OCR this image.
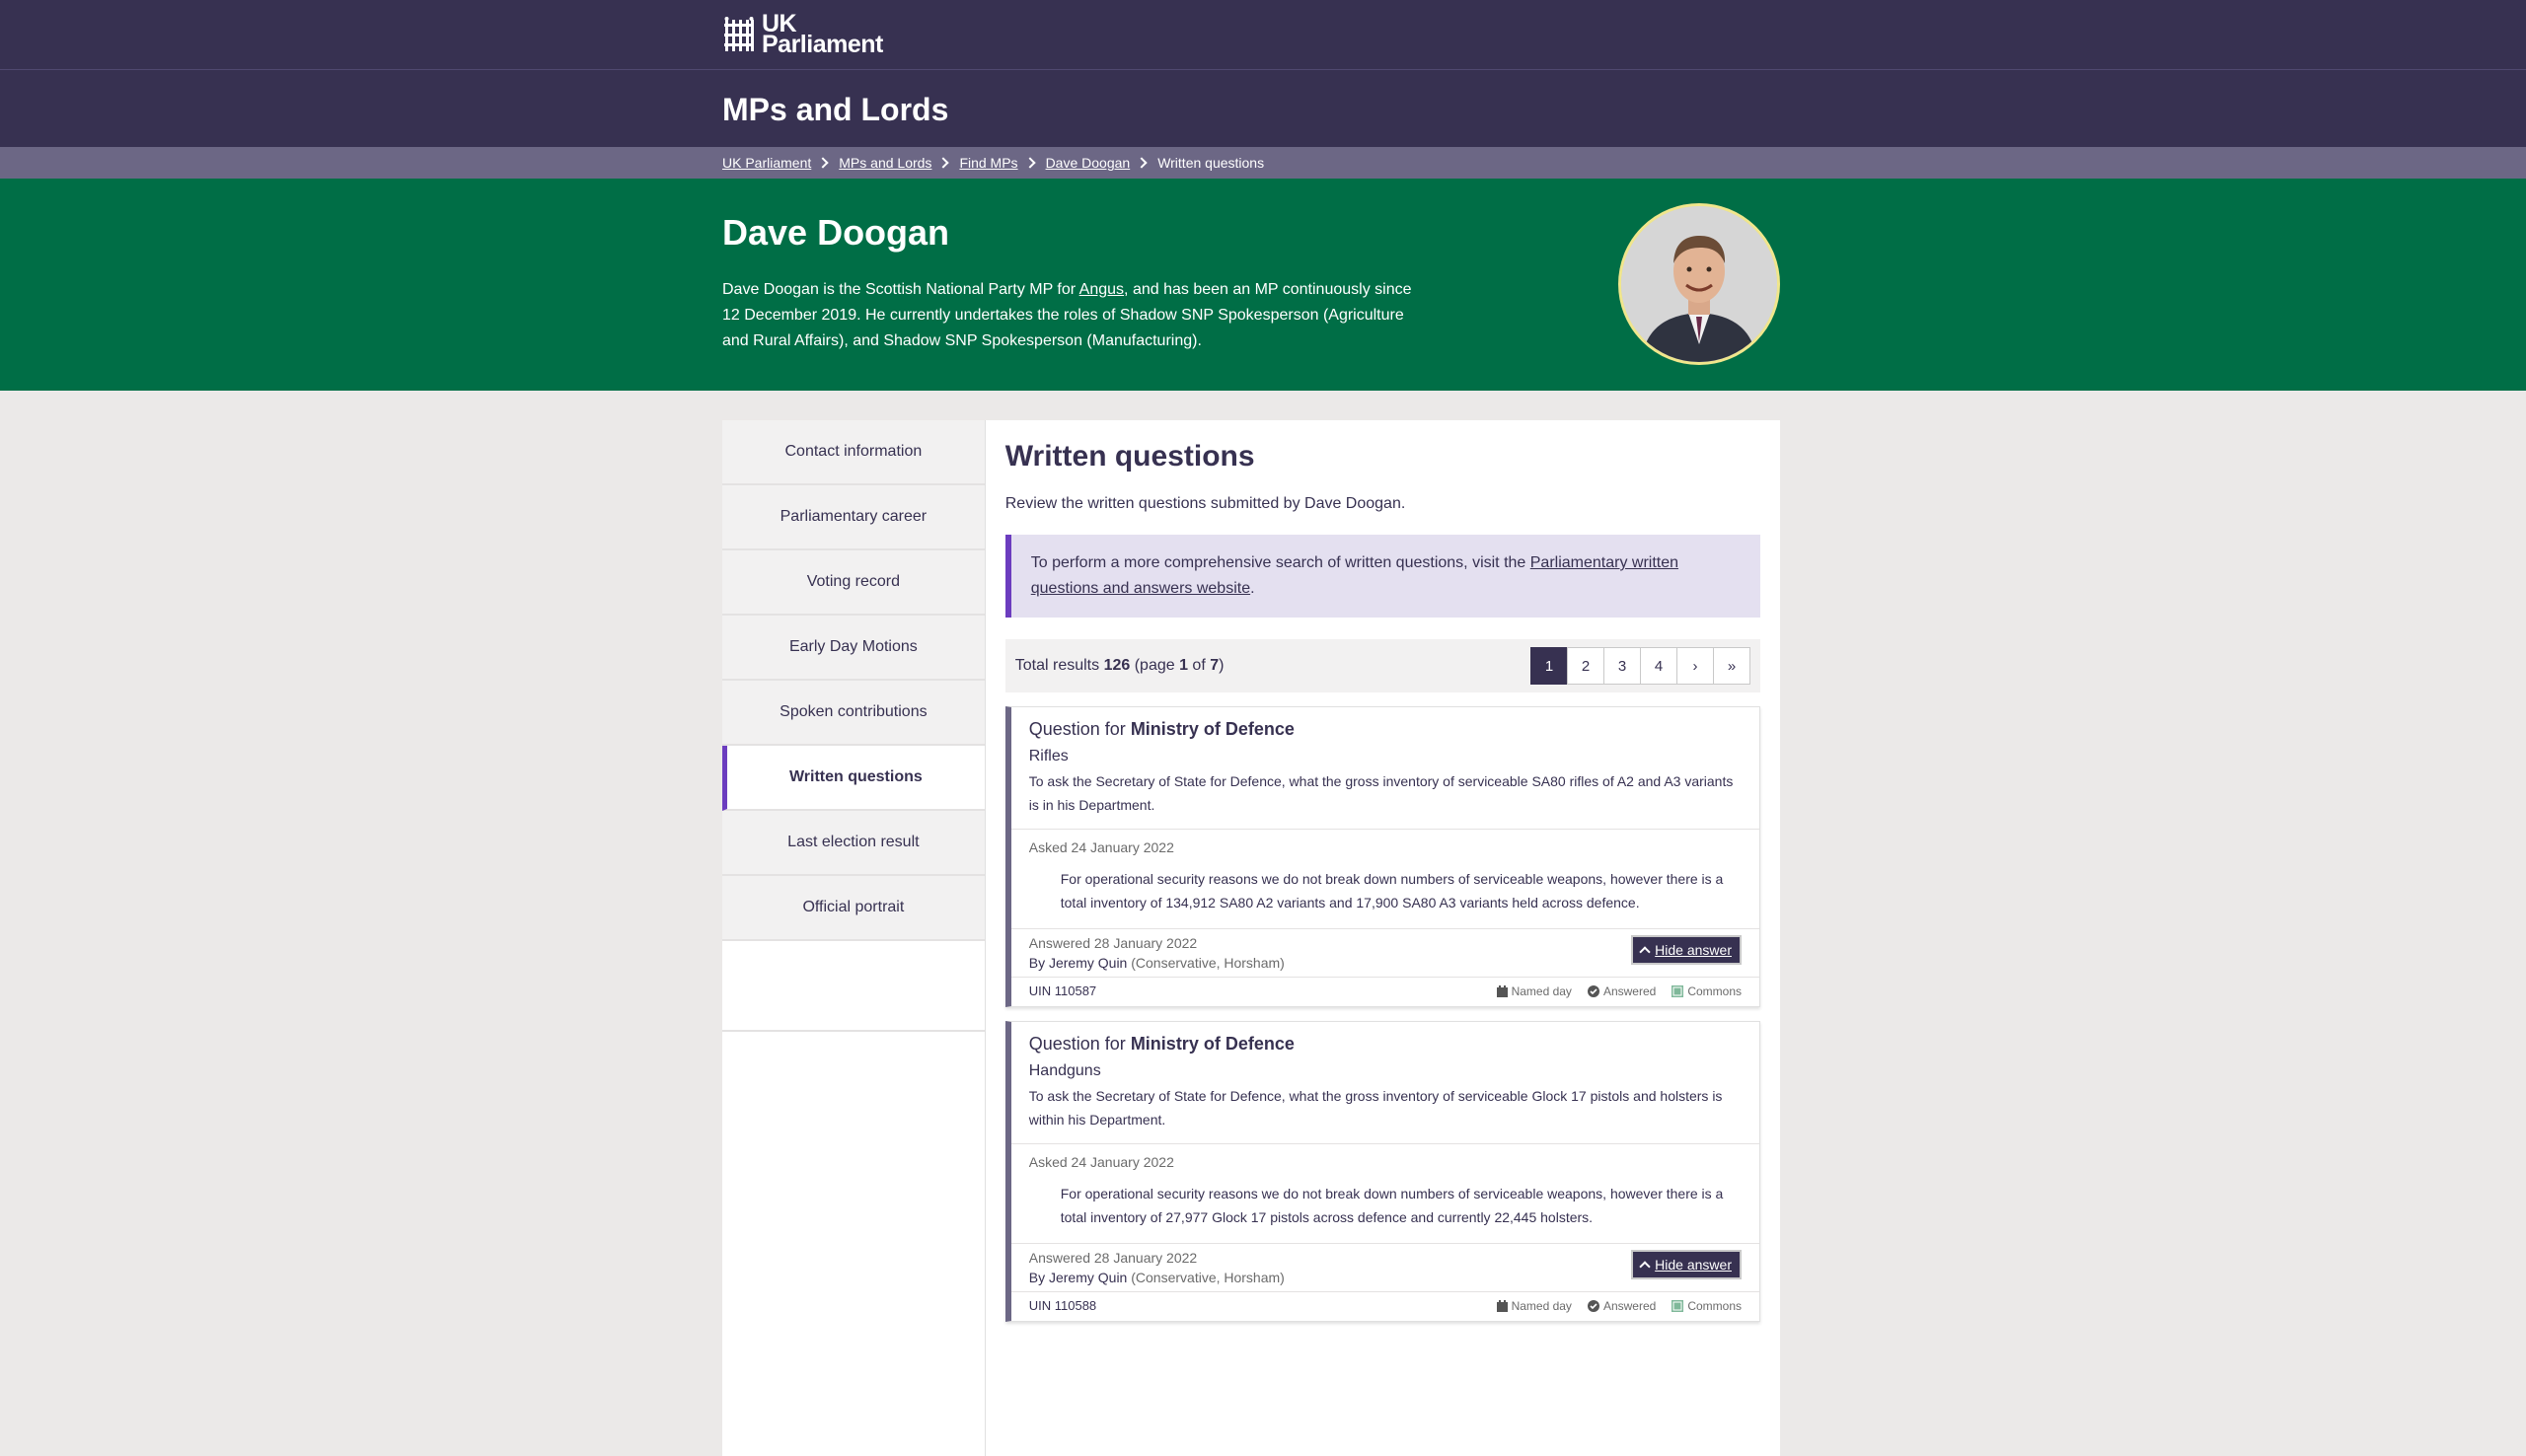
UK
Parliament
MPs and Lords
UK Parliament MPs and Lords Find MPs Dave Doogan Written questions
Dave Doogan

Dave Doogan is the Scottish National Party MP for Angus, and has been an MP continuously since 12 December 2019. He currently undertakes the roles of Shadow SNP Spokesperson (Agriculture and Rural Affairs), and Shadow SNP Spokesperson (Manufacturing).

Contact information
Parliamentary career
Voting record
Early Day Motions
Spoken contributions
Written questions
Last election result
Official portrait
Written questions

Review the written questions submitted by Dave Doogan.

To perform a more comprehensive search of written questions, visit the Parliamentary written questions and answers website.
Total results 126 (page 1 of 7)	1	2	3	4	›	»
Question for Ministry of Defence
Rifles
To ask the Secretary of State for Defence, what the gross inventory of serviceable SA80 rifles of A2 and A3 variants is in his Department.
Asked 24 January 2022
For operational security reasons we do not break down numbers of serviceable weapons, however there is a total inventory of 134,912 SA80 A2 variants and 17,900 SA80 A3 variants held across defence.
Answered 28 January 2022
By Jeremy Quin (Conservative, Horsham)
Hide answer
UIN 110587	Named day	Answered	Commons
Question for Ministry of Defence
Handguns
To ask the Secretary of State for Defence, what the gross inventory of serviceable Glock 17 pistols and holsters is within his Department.
Asked 24 January 2022
For operational security reasons we do not break down numbers of serviceable weapons, however there is a total inventory of 27,977 Glock 17 pistols across defence and currently 22,445 holsters.
Answered 28 January 2022
By Jeremy Quin (Conservative, Horsham)
Hide answer
UIN 110588	Named day	Answered	Commons
